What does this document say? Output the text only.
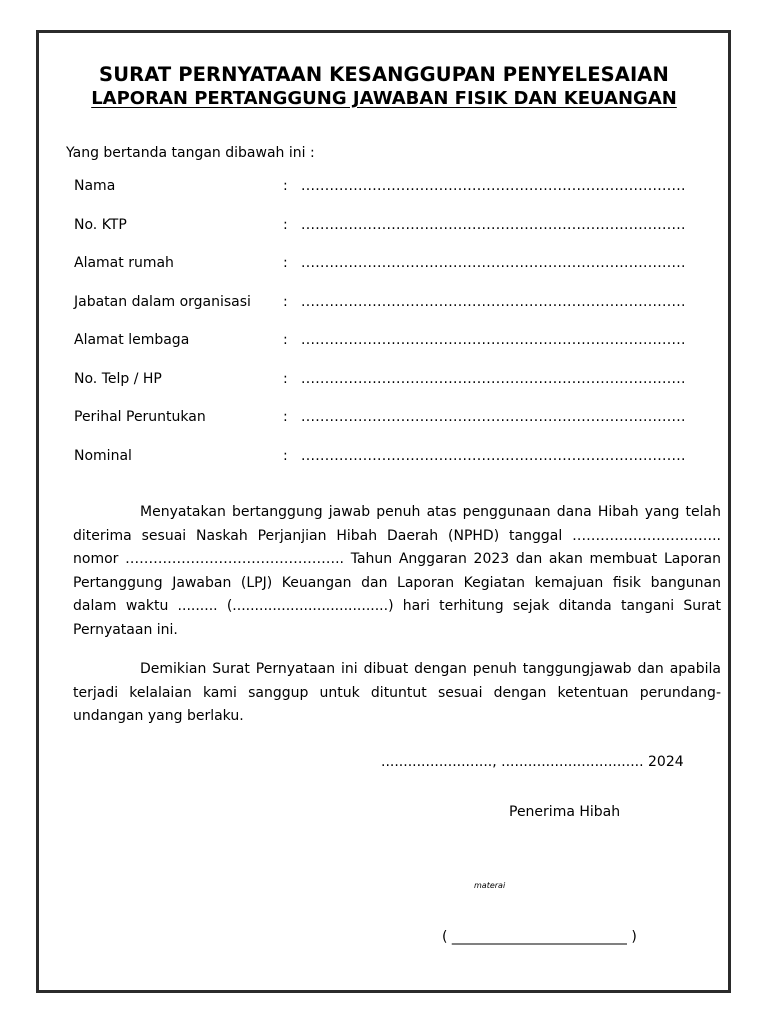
SURAT PERNYATAAN KESANGGUPAN PENYELESAIAN
LAPORAN PERTANGGUNG JAWABAN FISIK DAN KEUANGAN
Yang bertanda tangan dibawah ini :
Nama	: .................................................................................
No. KTP	: .................................................................................
Alamat rumah	: .................................................................................
Jabatan dalam organisasi : .................................................................................
Alamat lembaga	: .................................................................................
No. Telp / HP	: .................................................................................
Perihal Peruntukan	: .................................................................................
Nominal	: .................................................................................

Menyatakan bertanggung jawab penuh atas penggunaan dana Hibah yang telah diterima sesuai Naskah Perjanjian Hibah Daerah (NPHD) tanggal ………………………….. nomor ……………………………………….. Tahun Anggaran 2023 dan akan membuat Laporan Pertanggung Jawaban (LPJ) Keuangan dan Laporan Kegiatan kemajuan fisik bangunan dalam waktu ......... (...................................) hari terhitung sejak ditanda tangani Surat Pernyataan ini.

Demikian Surat Pernyataan ini dibuat dengan penuh tanggungjawab dan apabila terjadi kelalaian kami sanggup untuk dituntut sesuai dengan ketentuan perundang-undangan yang berlaku.

........................., ................................ 2024
Penerima Hibah
materai
( _________________________ )
